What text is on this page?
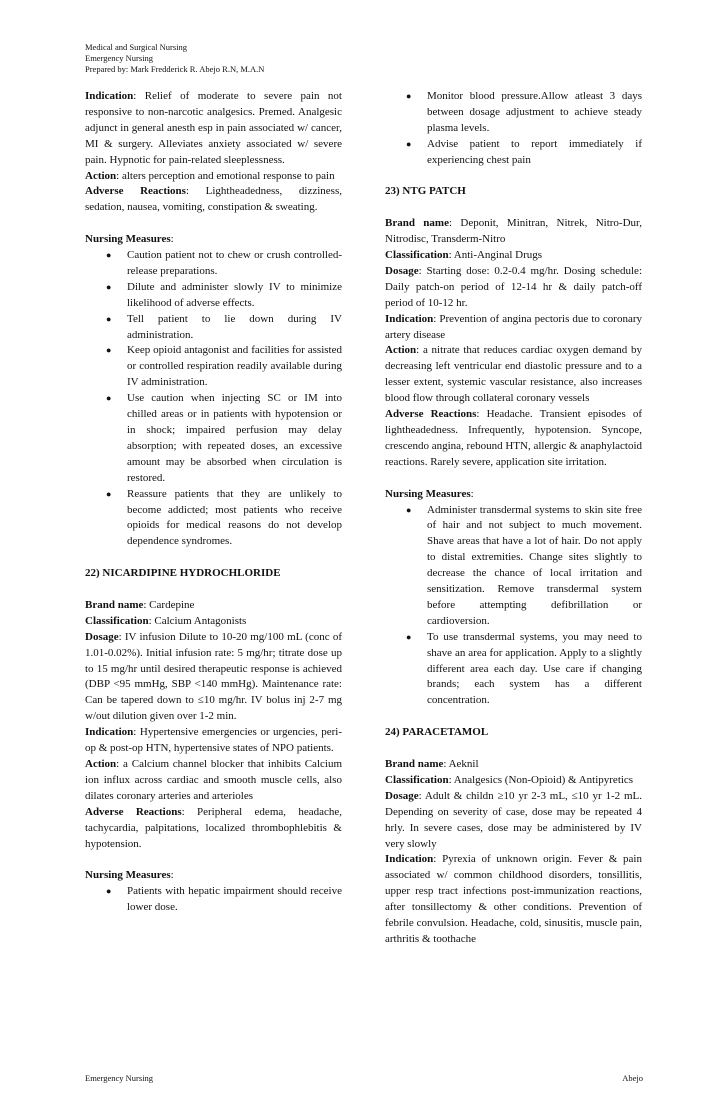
Medical and Surgical Nursing
Emergency Nursing
Prepared by: Mark Fredderick R. Abejo R.N, M.A.N

Indication: Relief of moderate to severe pain not responsive to non-narcotic analgesics. Premed. Analgesic adjunct in general anesth esp in pain associated w/ cancer, MI & surgery. Alleviates anxiety associated w/ severe pain. Hypnotic for pain-related sleeplessness.

Action: alters perception and emotional response to pain

Adverse Reactions: Lightheadedness, dizziness, sedation, nausea, vomiting, constipation & sweating.

Nursing Measures:

● Caution patient not to chew or crush controlled-release preparations.
● Dilute and administer slowly IV to minimize likelihood of adverse effects.
● Tell patient to lie down during IV administration.
● Keep opioid antagonist and facilities for assisted or controlled respiration readily available during IV administration.
● Use caution when injecting SC or IM into chilled areas or in patients with hypotension or in shock; impaired perfusion may delay absorption; with repeated doses, an excessive amount may be absorbed when circulation is restored.
● Reassure patients that they are unlikely to become addicted; most patients who receive opioids for medical reasons do not develop dependence syndromes.

22) NICARDIPINE HYDROCHLORIDE

Brand name: Cardepine

Classification: Calcium Antagonists

Dosage: IV infusion Dilute to 10-20 mg/100 mL (conc of 1.01-0.02%). Initial infusion rate: 5 mg/hr; titrate dose up to 15 mg/hr until desired therapeutic response is achieved (DBP <95 mmHg, SBP <140 mmHg). Maintenance rate: Can be tapered down to ≤10 mg/hr. IV bolus inj 2-7 mg w/out dilution given over 1-2 min.

Indication: Hypertensive emergencies or urgencies, peri-op & post-op HTN, hypertensive states of NPO patients.

Action: a Calcium channel blocker that inhibits Calcium ion influx across cardiac and smooth muscle cells, also dilates coronary arteries and arterioles

Adverse Reactions: Peripheral edema, headache, tachycardia, palpitations, localized thrombophlebitis & hypotension.

Nursing Measures:

● Patients with hepatic impairment should receive lower dose.
● Monitor blood pressure.Allow atleast 3 days between dosage adjustment to achieve steady plasma levels.
● Advise patient to report immediately if experiencing chest pain

23) NTG PATCH

Brand name: Deponit, Minitran, Nitrek, Nitro-Dur, Nitrodisc, Transderm-Nitro

Classification: Anti-Anginal Drugs

Dosage: Starting dose: 0.2-0.4 mg/hr. Dosing schedule: Daily patch-on period of 12-14 hr & daily patch-off period of 10-12 hr.

Indication: Prevention of angina pectoris due to coronary artery disease

Action: a nitrate that reduces cardiac oxygen demand by decreasing left ventricular end diastolic pressure and to a lesser extent, systemic vascular resistance, also increases blood flow through collateral coronary vessels

Adverse Reactions: Headache. Transient episodes of lightheadedness. Infrequently, hypotension. Syncope, crescendo angina, rebound HTN, allergic & anaphylactoid reactions. Rarely severe, application site irritation.

Nursing Measures:

● Administer transdermal systems to skin site free of hair and not subject to much movement. Shave areas that have a lot of hair. Do not apply to distal extremities. Change sites slightly to decrease the chance of local irritation and sensitization. Remove transdermal system before attempting defibrillation or cardioversion.
● To use transdermal systems, you may need to shave an area for application. Apply to a slightly different area each day. Use care if changing brands; each system has a different concentration.

24) PARACETAMOL

Brand name: Aeknil

Classification: Analgesics (Non-Opioid) & Antipyretics

Dosage: Adult & childn ≥10 yr 2-3 mL, ≤10 yr 1-2 mL. Depending on severity of case, dose may be repeated 4 hrly. In severe cases, dose may be administered by IV very slowly

Indication: Pyrexia of unknown origin. Fever & pain associated w/ common childhood disorders, tonsillitis, upper resp tract infections post-immunization reactions, after tonsillectomy & other conditions. Prevention of febrile convulsion. Headache, cold, sinusitis, muscle pain, arthritis & toothache

Emergency Nursing	Abejo
